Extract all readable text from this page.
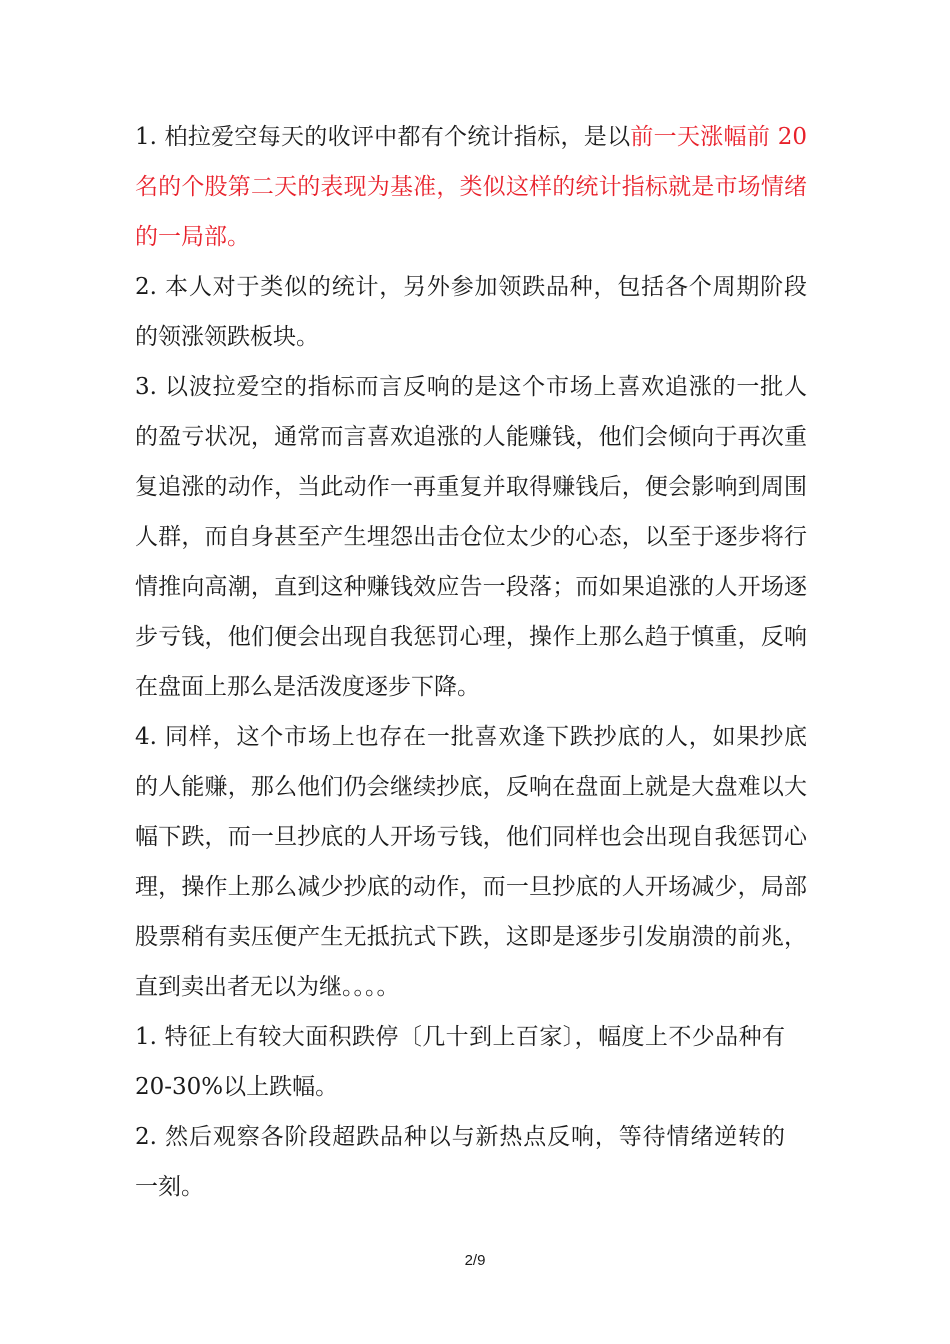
1. 柏拉爱空每天的收评中都有个统计指标，是以前一天涨幅前 20 名的个股第二天的表现为基准，类似这样的统计指标就是市场情绪的一局部。

2. 本人对于类似的统计，另外参加领跌品种，包括各个周期阶段的领涨领跌板块。

3. 以波拉爱空的指标而言反响的是这个市场上喜欢追涨的一批人的盈亏状况，通常而言喜欢追涨的人能赚钱，他们会倾向于再次重复追涨的动作，当此动作一再重复并取得赚钱后，便会影响到周围人群，而自身甚至产生埋怨出击仓位太少的心态，以至于逐步将行情推向高潮，直到这种赚钱效应告一段落；而如果追涨的人开场逐步亏钱，他们便会出现自我惩罚心理，操作上那么趋于慎重，反响在盘面上那么是活泼度逐步下降。

4. 同样，这个市场上也存在一批喜欢逢下跌抄底的人，如果抄底的人能赚，那么他们仍会继续抄底，反响在盘面上就是大盘难以大幅下跌，而一旦抄底的人开场亏钱，他们同样也会出现自我惩罚心理，操作上那么减少抄底的动作，而一旦抄底的人开场减少，局部股票稍有卖压便产生无抵抗式下跌，这即是逐步引发崩溃的前兆，直到卖出者无以为继。。。。

1. 特征上有较大面积跌停〔几十到上百家〕，幅度上不少品种有 20-30%以上跌幅。

2. 然后观察各阶段超跌品种以与新热点反响，等待情绪逆转的一刻。

2/9
